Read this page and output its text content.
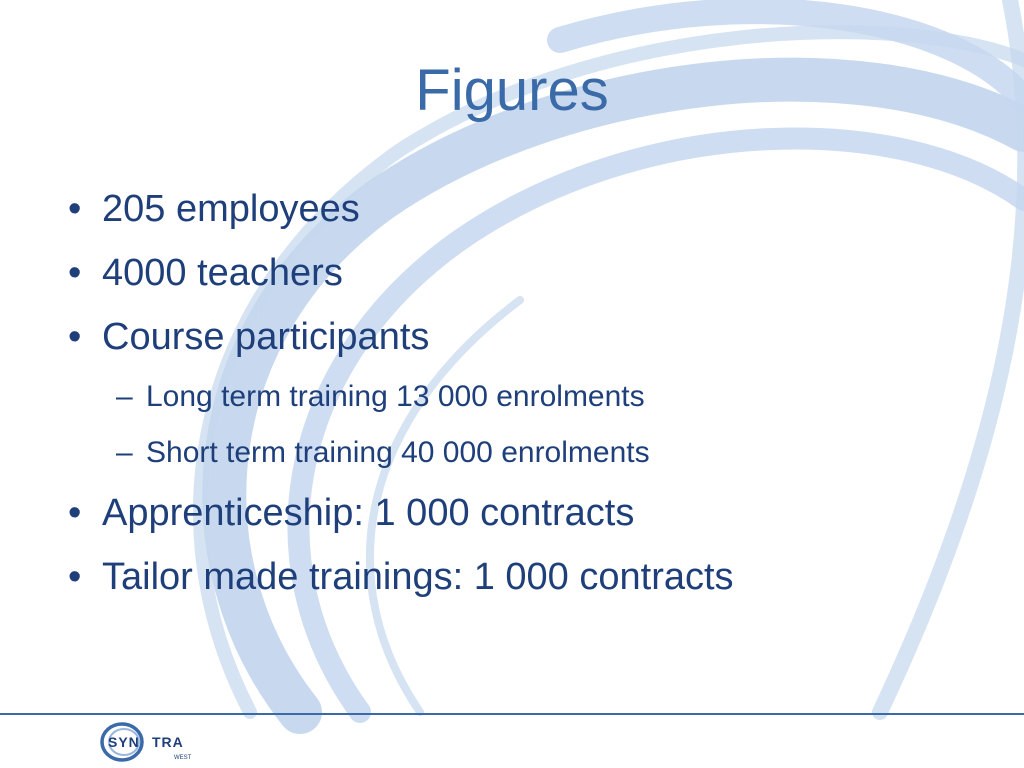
Figures
• 205 employees
• 4000 teachers
• Course participants
– Long term training 13 000 enrolments
– Short term training 40 000 enrolments
• Apprenticeship: 1 000 contracts
• Tailor made trainings: 1 000 contracts
SYN TRA
WEST
